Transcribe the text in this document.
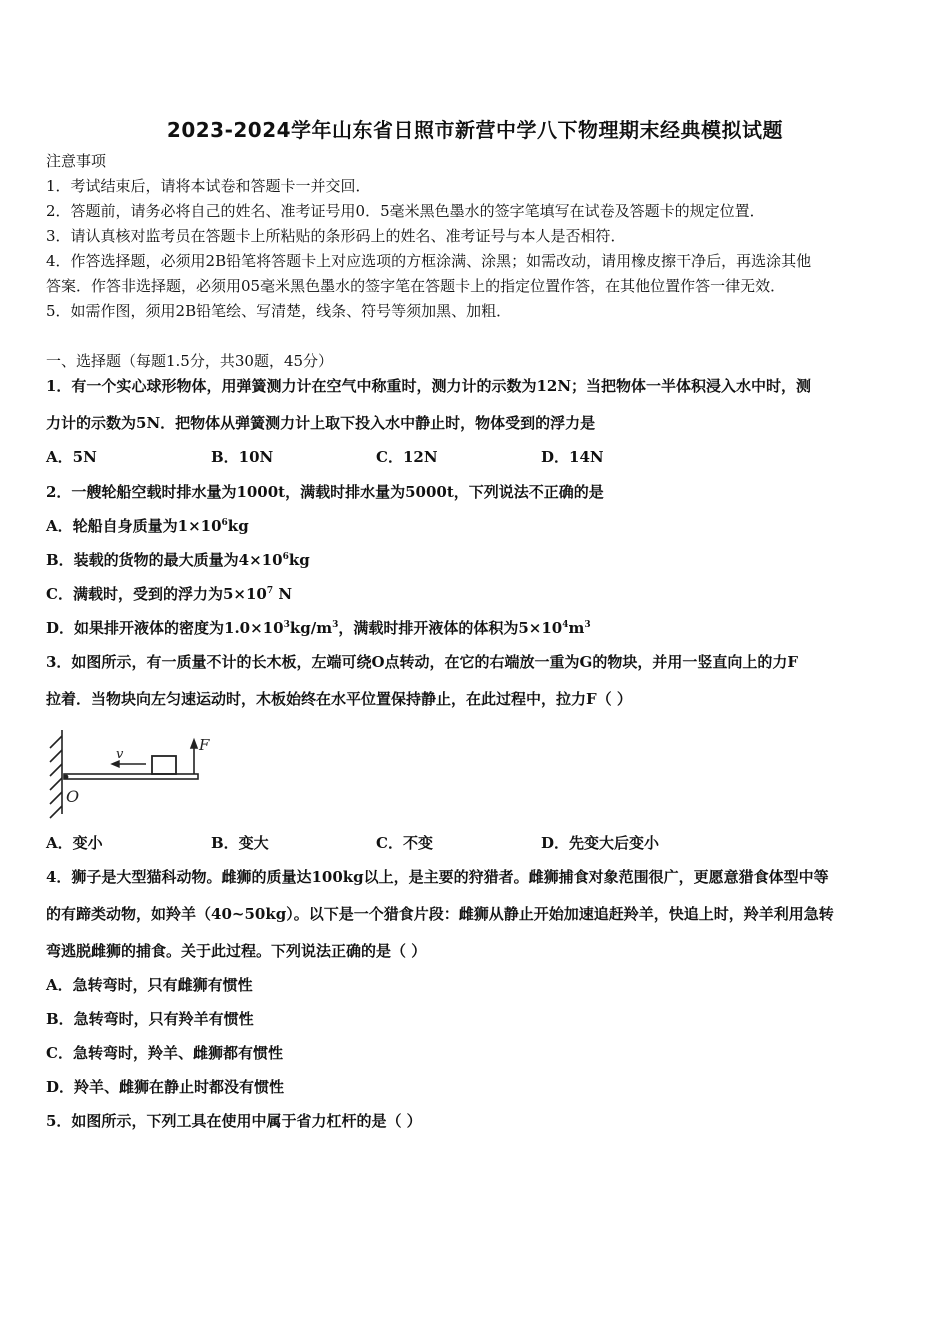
2023-2024学年山东省日照市新营中学八下物理期末经典模拟试题
注意事项
1．考试结束后，请将本试卷和答题卡一并交回．
2．答题前，请务必将自己的姓名、准考证号用0．5毫米黑色墨水的签字笔填写在试卷及答题卡的规定位置．
3．请认真核对监考员在答题卡上所粘贴的条形码上的姓名、准考证号与本人是否相符．
4．作答选择题，必须用2B铅笔将答题卡上对应选项的方框涂满、涂黑；如需改动，请用橡皮擦干净后，再选涂其他
答案．作答非选择题，必须用05毫米黑色墨水的签字笔在答题卡上的指定位置作答，在其他位置作答一律无效．
5．如需作图，须用2B铅笔绘、写清楚，线条、符号等须加黑、加粗．
一、选择题（每题1.5分，共30题，45分）
1．有一个实心球形物体，用弹簧测力计在空气中称重时，测力计的示数为12N；当把物体一半体积浸入水中时，测
力计的示数为5N．把物体从弹簧测力计上取下投入水中静止时，物体受到的浮力是
A．5N	B．10N	C．12N	D．14N
2．一艘轮船空载时排水量为1000t，满载时排水量为5000t，下列说法不正确的是
A．轮船自身质量为$1\times 10^6kg$
B．装载的货物的最大质量为$4\times 10^6kg$
C．满载时，受到的浮力为$5\times 10^7$ N
D．如果排开液体的密度为$1.0\times 10^3kg/m^3$，满载时排开液体的体积为$5\times 10^4m^3$
3．如图所示，有一质量不计的长木板，左端可绕O点转动，在它的右端放一重为G的物块，并用一竖直向上的力F
拉着．当物块向左匀速运动时，木板始终在水平位置保持静止，在此过程中，拉力F（ ）
v
F
O
A．变小	B．变大	C．不变	D．先变大后变小
4．狮子是大型猫科动物。雌狮的质量达100kg以上，是主要的狩猎者。雌狮捕食对象范围很广，更愿意猎食体型中等
的有蹄类动物，如羚羊（40~50kg）。以下是一个猎食片段：雌狮从静止开始加速追赶羚羊，快追上时，羚羊利用急转
弯逃脱雌狮的捕食。关于此过程。下列说法正确的是（ ）
A．急转弯时，只有雌狮有惯性
B．急转弯时，只有羚羊有惯性
C．急转弯时，羚羊、雌狮都有惯性
D．羚羊、雌狮在静止时都没有惯性
5．如图所示，下列工具在使用中属于省力杠杆的是（ ）
